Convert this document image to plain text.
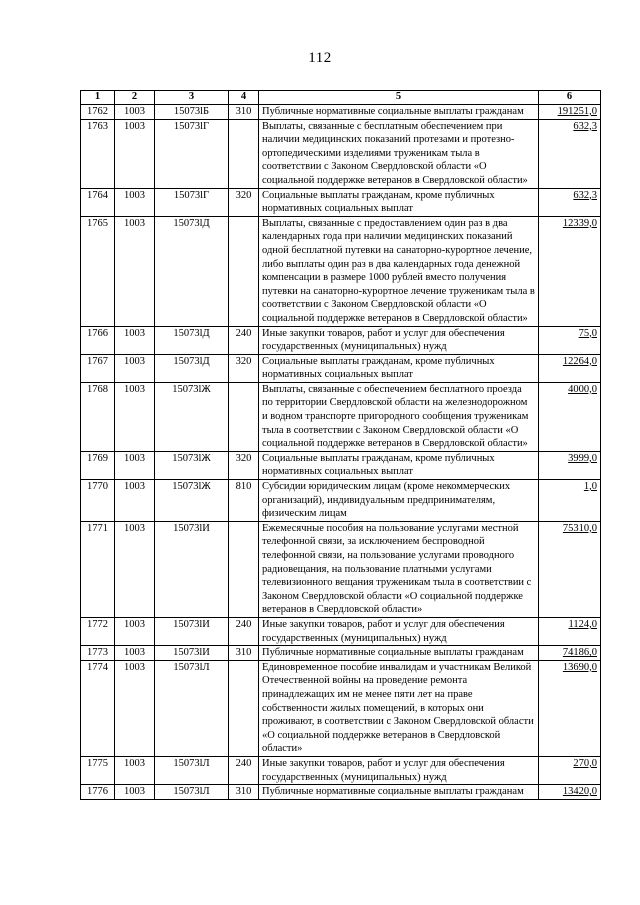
112
1	2	3	4	5	6
1762	1003	15073lБ	310	Публичные нормативные социальные выплаты гражданам	191251,0
1763	1003	15073lГ		Выплаты, связанные с бесплатным обеспечением при наличии медицинских показаний протезами и протезно-ортопедическими изделиями труженикам тыла в соответствии с Законом Свердловской области «О социальной поддержке ветеранов в Свердловской области»	632,3
1764	1003	15073lГ	320	Социальные выплаты гражданам, кроме публичных нормативных социальных выплат	632,3
1765	1003	15073lД		Выплаты, связанные с предоставлением один раз в два календарных года при наличии медицинских показаний одной бесплатной путевки на санаторно-курортное лечение, либо выплаты один раз в два календарных года денежной компенсации в размере 1000 рублей вместо получения путевки на санаторно-курортное лечение труженикам тыла в соответствии с Законом Свердловской области «О социальной поддержке ветеранов в Свердловской области»	12339,0
1766	1003	15073lД	240	Иные закупки товаров, работ и услуг для обеспечения государственных (муниципальных) нужд	75,0
1767	1003	15073lД	320	Социальные выплаты гражданам, кроме публичных нормативных социальных выплат	12264,0
1768	1003	15073lЖ		Выплаты, связанные с обеспечением бесплатного проезда по территории Свердловской области на железнодорожном и водном транспорте пригородного сообщения труженикам тыла в соответствии с Законом Свердловской области «О социальной поддержке ветеранов в Свердловской области»	4000,0
1769	1003	15073lЖ	320	Социальные выплаты гражданам, кроме публичных нормативных социальных выплат	3999,0
1770	1003	15073lЖ	810	Субсидии юридическим лицам (кроме некоммерческих организаций), индивидуальным предпринимателям, физическим лицам	1,0
1771	1003	15073lИ		Ежемесячные пособия на пользование услугами местной телефонной связи, за исключением беспроводной телефонной связи, на пользование услугами проводного радиовещания, на пользование платными услугами телевизионного вещания труженикам тыла в соответствии с Законом Свердловской области «О социальной поддержке ветеранов в Свердловской области»	75310,0
1772	1003	15073lИ	240	Иные закупки товаров, работ и услуг для обеспечения государственных (муниципальных) нужд	1124,0
1773	1003	15073lИ	310	Публичные нормативные социальные выплаты гражданам	74186,0
1774	1003	15073lЛ		Единовременное пособие инвалидам и участникам Великой Отечественной войны на проведение ремонта принадлежащих им не менее пяти лет на праве собственности жилых помещений, в которых они проживают, в соответствии с Законом Свердловской области «О социальной поддержке ветеранов в Свердловской области»	13690,0
1775	1003	15073lЛ	240	Иные закупки товаров, работ и услуг для обеспечения государственных (муниципальных) нужд	270,0
1776	1003	15073lЛ	310	Публичные нормативные социальные выплаты гражданам	13420,0
